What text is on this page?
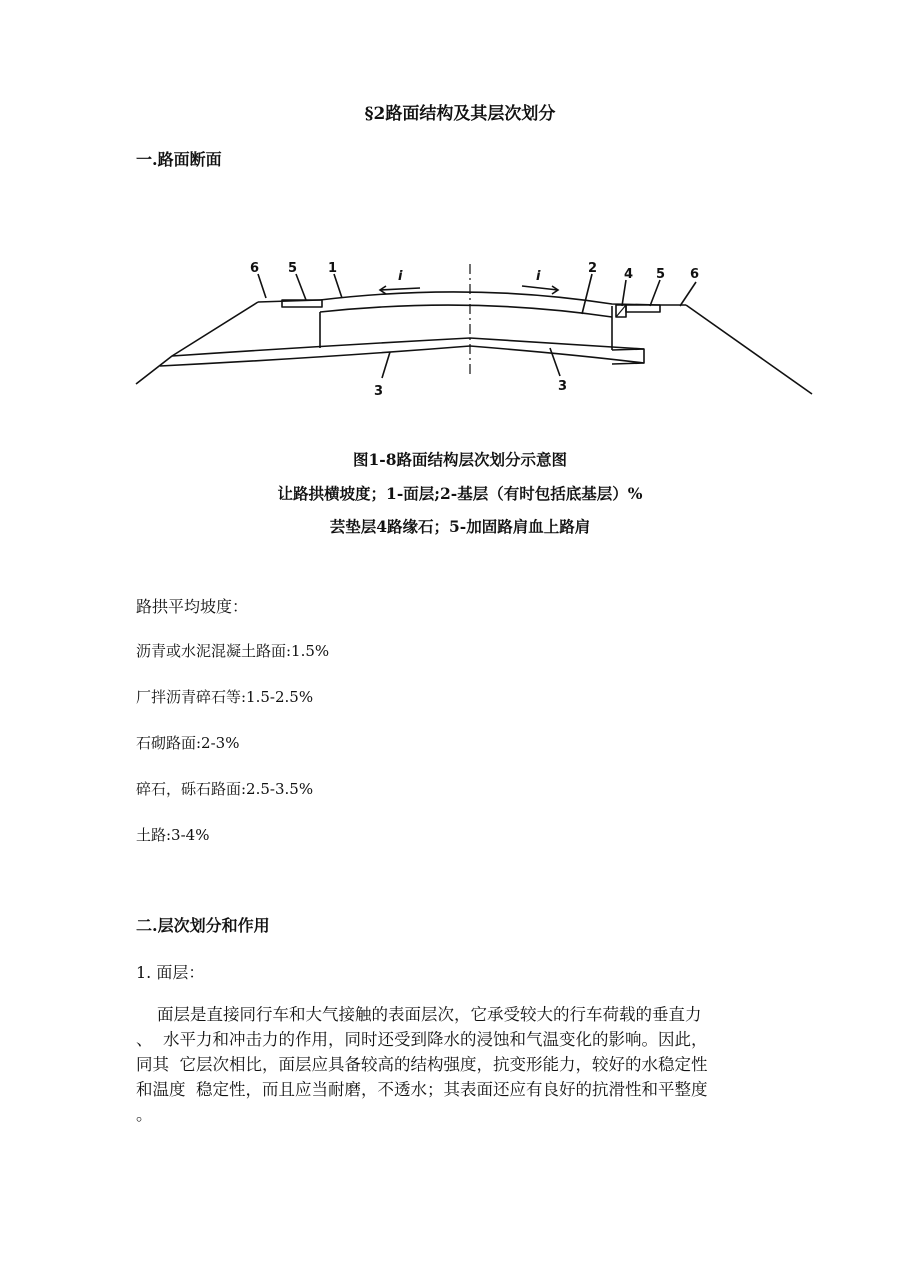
§2路面结构及其层次划分
一.路面断面
6 5 1
i	i
2 4 5 6
3	3

图1-8路面结构层次划分示意图

让路拱横坡度；1-面层;2-基层（有时包括底基层）%

芸垫层4路缘石；5-加固路肩血上路肩

路拱平均坡度：

沥青或水泥混凝土路面:1.5%

厂拌沥青碎石等:1.5-2.5%

石砌路面:2-3%

碎石，砾石路面:2.5-3.5%

土路:3-4%

二.层次划分和作用
1. 面层：
面层是直接同行车和大气接触的表面层次，它承受较大的行车荷载的垂直力
、  水平力和冲击力的作用，同时还受到降水的浸蚀和气温变化的影响。因此，
同其  它层次相比，面层应具备较高的结构强度，抗变形能力，较好的水稳定性
和温度  稳定性，而且应当耐磨，不透水；其表面还应有良好的抗滑性和平整度
。
